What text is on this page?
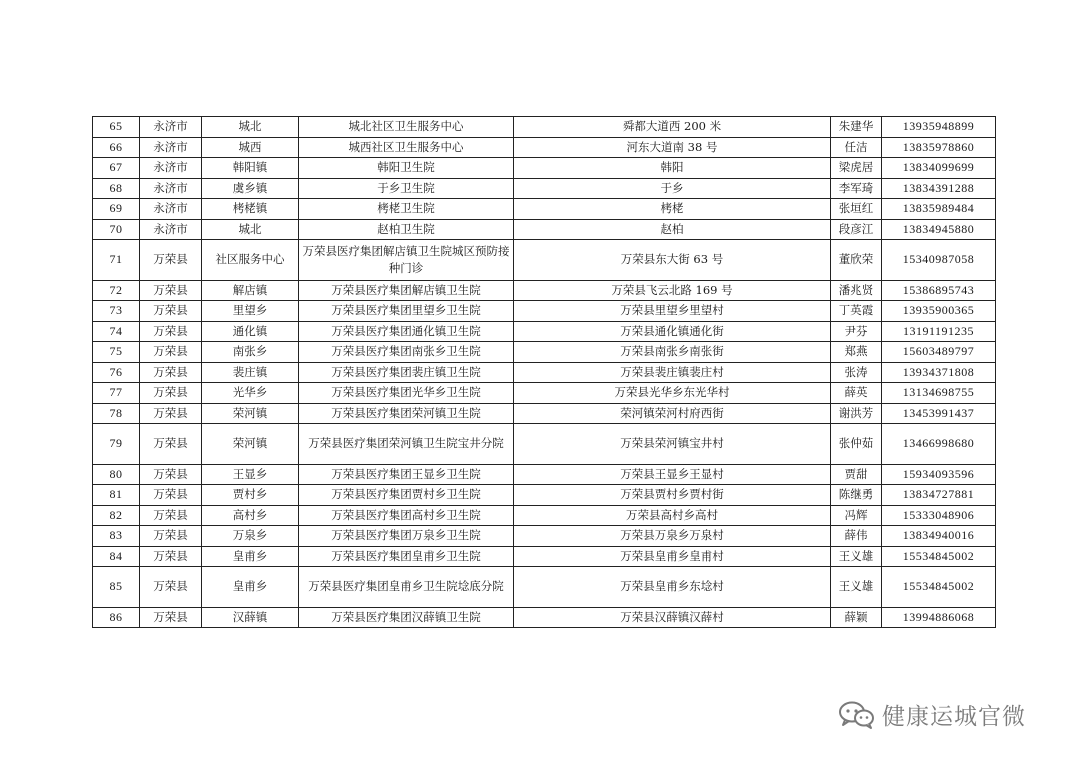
65	永济市	城北	城北社区卫生服务中心	舜都大道西 200 米	朱建华	13935948899
66	永济市	城西	城西社区卫生服务中心	河东大道南 38 号	任洁	13835978860
67	永济市	韩阳镇	韩阳卫生院	韩阳	梁虎居	13834099699
68	永济市	虞乡镇	于乡卫生院	于乡	李军琦	13834391288
69	永济市	栲栳镇	栲栳卫生院	栲栳	张垣红	13835989484
70	永济市	城北	赵柏卫生院	赵柏	段彦江	13834945880
71	万荣县	社区服务中心	万荣县医疗集团解店镇卫生院城区预防接种门诊	万荣县东大街 63 号	董欣荣	15340987058
72	万荣县	解店镇	万荣县医疗集团解店镇卫生院	万荣县飞云北路 169 号	潘兆贤	15386895743
73	万荣县	里望乡	万荣县医疗集团里望乡卫生院	万荣县里望乡里望村	丁英霞	13935900365
74	万荣县	通化镇	万荣县医疗集团通化镇卫生院	万荣县通化镇通化街	尹芬	13191191235
75	万荣县	南张乡	万荣县医疗集团南张乡卫生院	万荣县南张乡南张街	郑燕	15603489797
76	万荣县	裴庄镇	万荣县医疗集团裴庄镇卫生院	万荣县裴庄镇裴庄村	张涛	13934371808
77	万荣县	光华乡	万荣县医疗集团光华乡卫生院	万荣县光华乡东光华村	薛英	13134698755
78	万荣县	荣河镇	万荣县医疗集团荣河镇卫生院	荣河镇荣河村府西街	谢洪芳	13453991437
79	万荣县	荣河镇	万荣县医疗集团荣河镇卫生院宝井分院	万荣县荣河镇宝井村	张仲茹	13466998680
80	万荣县	王显乡	万荣县医疗集团王显乡卫生院	万荣县王显乡王显村	贾甜	15934093596
81	万荣县	贾村乡	万荣县医疗集团贾村乡卫生院	万荣县贾村乡贾村街	陈继勇	13834727881
82	万荣县	高村乡	万荣县医疗集团高村乡卫生院	万荣县高村乡高村	冯辉	15333048906
83	万荣县	万泉乡	万荣县医疗集团万泉乡卫生院	万荣县万泉乡万泉村	薛伟	13834940016
84	万荣县	皇甫乡	万荣县医疗集团皇甫乡卫生院	万荣县皇甫乡皇甫村	王义雄	15534845002
85	万荣县	皇甫乡	万荣县医疗集团皇甫乡卫生院埝底分院	万荣县皇甫乡东埝村	王义雄	15534845002
86	万荣县	汉薛镇	万荣县医疗集团汉薛镇卫生院	万荣县汉薛镇汉薛村	薛颖	13994886068
健康运城官微
